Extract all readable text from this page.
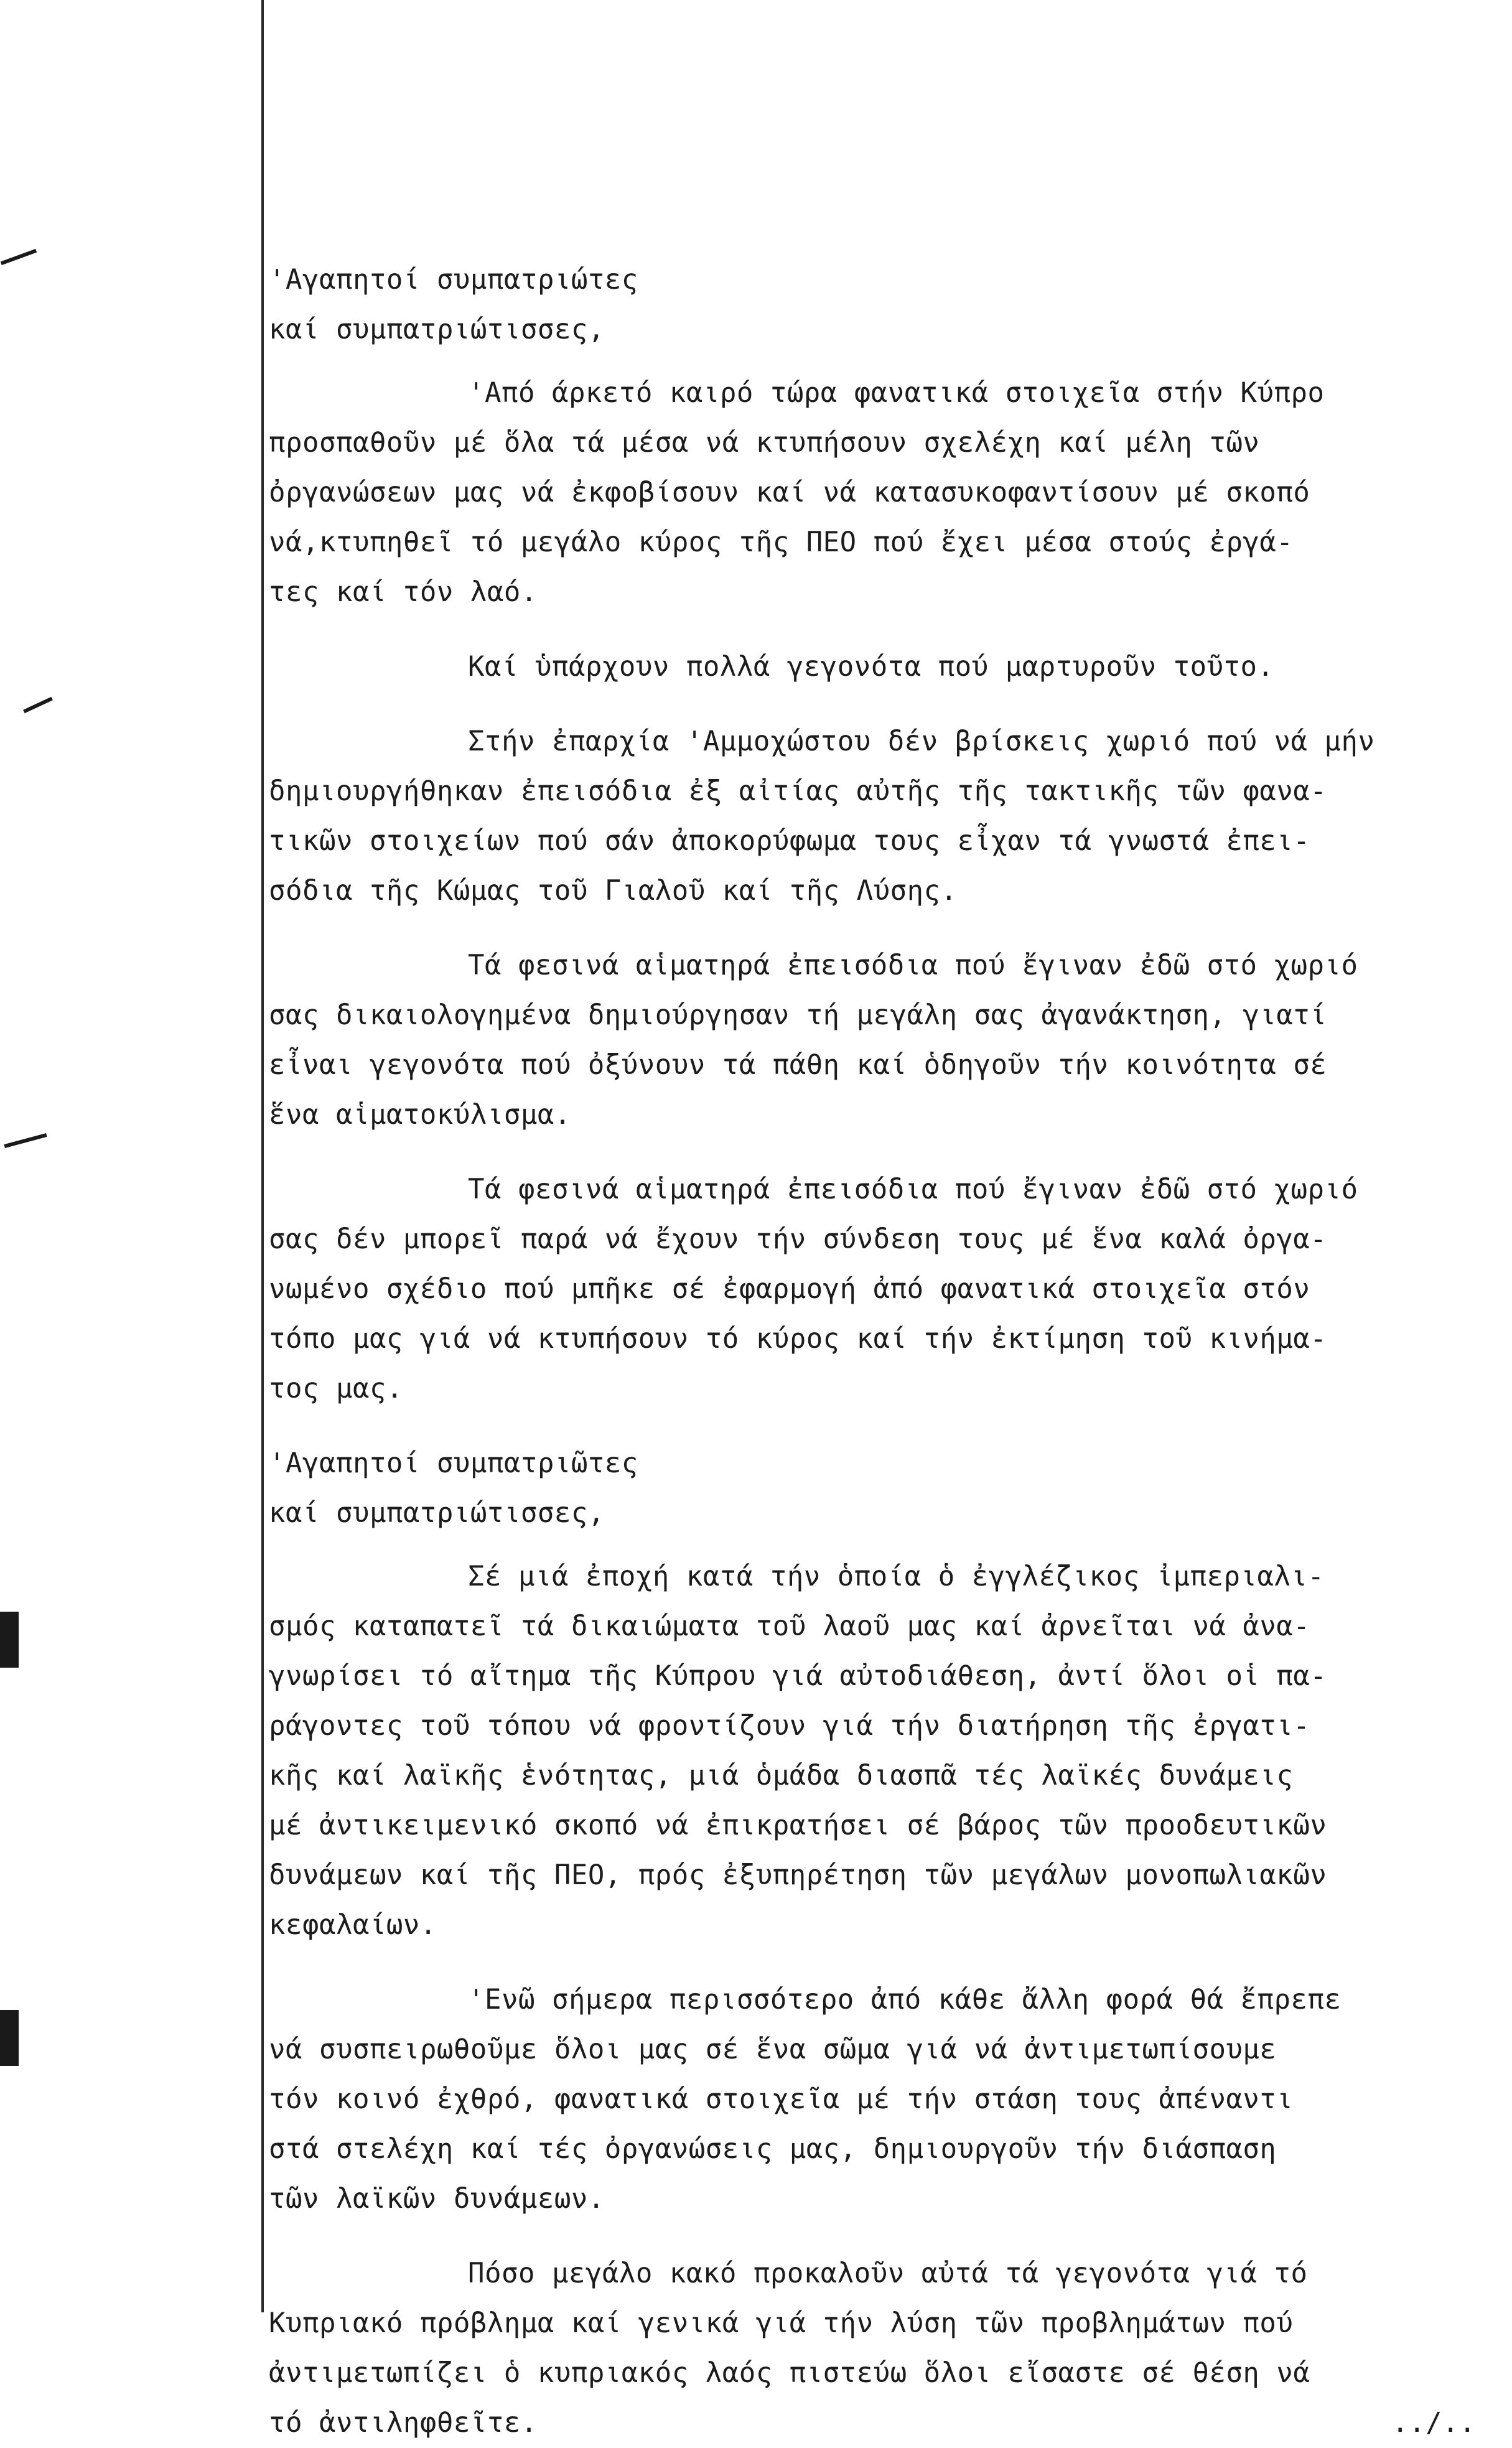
'Αγαπητοί συμπατριώτες
καί συμπατριώτισσες,
'Από άρκετό καιρό τώρα φανατικά στοιχεῖα στήν Κύπρο
προσπαθοῦν μέ ὅλα τά μέσα νά κτυπήσουν σχελέχη καί μέλη τῶν
ὀργανώσεων μας νά ἐκφοβίσουν καί νά κατασυκοφαντίσουν μέ σκοπό
νά,κτυπηθεῖ τό μεγάλο κύρος τῆς ΠΕΟ πού ἔχει μέσα στούς ἐργά-
τες καί τόν λαό.
Καί ὑπάρχουν πολλά γεγονότα πού μαρτυροῦν τοῦτο.
Στήν ἐπαρχία 'Αμμοχώστου δέν βρίσκεις χωριό πού νά μήν
δημιουργήθηκαν ἐπεισόδια ἐξ αἰτίας αὐτῆς τῆς τακτικῆς τῶν φανα-
τικῶν στοιχείων πού σάν ἀποκορύφωμα τους εἶχαν τά γνωστά ἐπει-
σόδια τῆς Κώμας τοῦ Γιαλοῦ καί τῆς Λύσης.
Τά φεσινά αἱματηρά ἐπεισόδια πού ἔγιναν ἐδῶ στό χωριό
σας δικαιολογημένα δημιούργησαν τή μεγάλη σας ἀγανάκτηση, γιατί
εἶναι γεγονότα πού ὀξύνουν τά πάθη καί ὁδηγοῦν τήν κοινότητα σέ
ἕνα αἱματοκύλισμα.
Τά φεσινά αἱματηρά ἐπεισόδια πού ἔγιναν ἐδῶ στό χωριό
σας δέν μπορεῖ παρά νά ἔχουν τήν σύνδεση τους μέ ἕνα καλά ὀργα-
νωμένο σχέδιο πού μπῆκε σέ ἐφαρμογή ἀπό φανατικά στοιχεῖα στόν
τόπο μας γιά νά κτυπήσουν τό κύρος καί τήν ἐκτίμηση τοῦ κινήμα-
τος μας.
'Αγαπητοί συμπατριῶτες
καί συμπατριώτισσες,
Σέ μιά ἐποχή κατά τήν ὁποία ὁ ἐγγλέζικος ἰμπεριαλι-
σμός καταπατεῖ τά δικαιώματα τοῦ λαοῦ μας καί ἀρνεῖται νά ἀνα-
γνωρίσει τό αἴτημα τῆς Κύπρου γιά αὐτοδιάθεση, ἀντί ὅλοι οἱ πα-
ράγοντες τοῦ τόπου νά φροντίζουν γιά τήν διατήρηση τῆς ἐργατι-
κῆς καί λαϊκῆς ἑνότητας, μιά ὁμάδα διασπᾶ τές λαϊκές δυνάμεις
μέ ἀντικειμενικό σκοπό νά ἐπικρατήσει σέ βάρος τῶν προοδευτικῶν
δυνάμεων καί τῆς ΠΕΟ, πρός ἐξυπηρέτηση τῶν μεγάλων μονοπωλιακῶν
κεφαλαίων.
'Ενῶ σήμερα περισσότερο ἀπό κάθε ἄλλη φορά θά ἔπρεπε
νά συσπειρωθοῦμε ὅλοι μας σέ ἕνα σῶμα γιά νά ἀντιμετωπίσουμε
τόν κοινό ἐχθρό, φανατικά στοιχεῖα μέ τήν στάση τους ἀπέναντι
στά στελέχη καί τές ὀργανώσεις μας, δημιουργοῦν τήν διάσπαση
τῶν λαϊκῶν δυνάμεων.
Πόσο μεγάλο κακό προκαλοῦν αὐτά τά γεγονότα γιά τό
Κυπριακό πρόβλημα καί γενικά γιά τήν λύση τῶν προβλημάτων πού
ἀντιμετωπίζει ὁ κυπριακός λαός πιστεύω ὅλοι εἴσαστε σέ θέση νά
τό ἀντιληφθεῖτε.	../..
